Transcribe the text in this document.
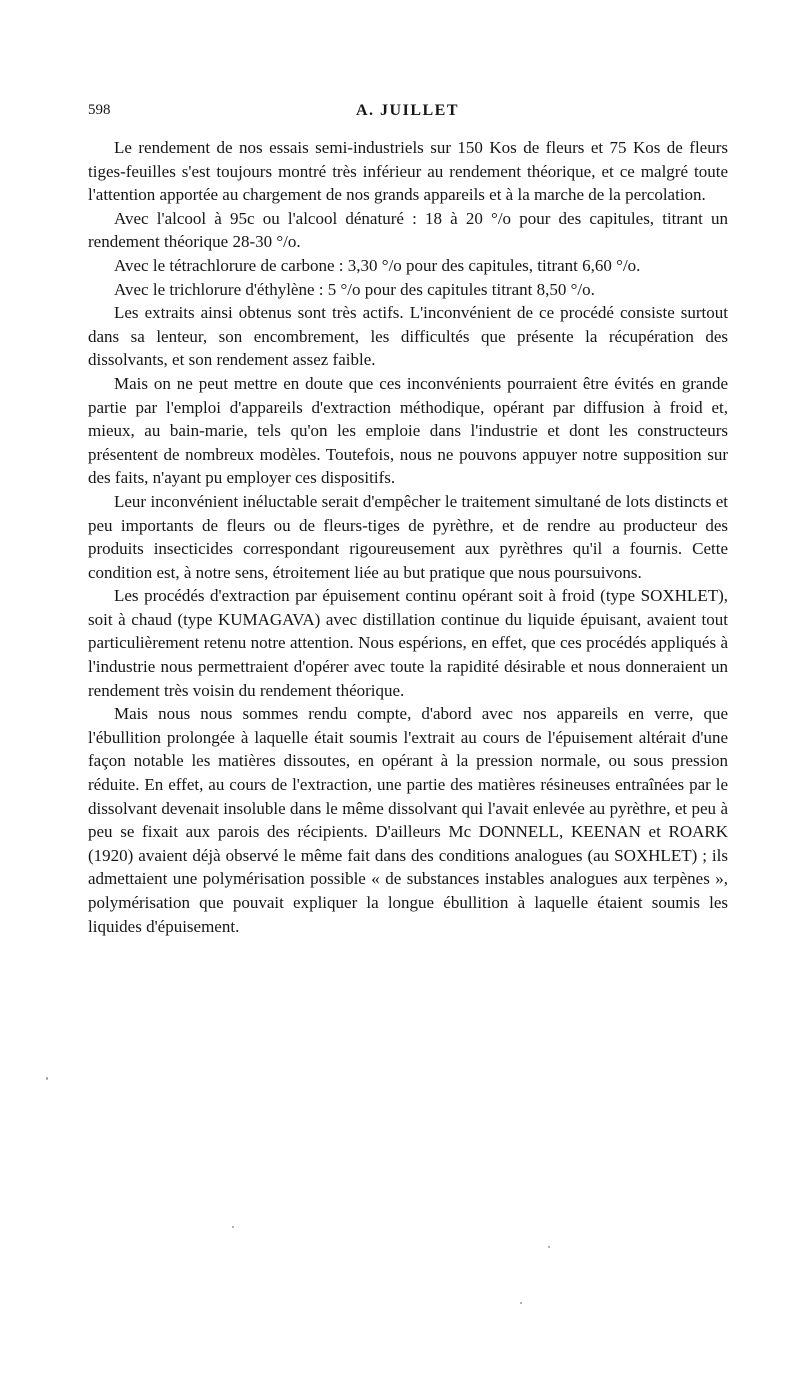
598	A. JUILLET

Le rendement de nos essais semi-industriels sur 150 Kos de fleurs et 75 Kos de fleurs tiges-feuilles s'est toujours montré très inférieur au rendement théorique, et ce malgré toute l'attention apportée au chargement de nos grands appareils et à la marche de la percolation.

Avec l'alcool à 95c ou l'alcool dénaturé : 18 à 20 °/o pour des capitules, titrant un rendement théorique 28-30 °/o.

Avec le tétrachlorure de carbone : 3,30 °/o pour des capitules, titrant 6,60 °/o.

Avec le trichlorure d'éthylène : 5 °/o pour des capitules titrant 8,50 °/o.

Les extraits ainsi obtenus sont très actifs. L'inconvénient de ce procédé consiste surtout dans sa lenteur, son encombrement, les difficultés que présente la récupération des dissolvants, et son rendement assez faible.

Mais on ne peut mettre en doute que ces inconvénients pourraient être évités en grande partie par l'emploi d'appareils d'extraction méthodique, opérant par diffusion à froid et, mieux, au bain-marie, tels qu'on les emploie dans l'industrie et dont les constructeurs présentent de nombreux modèles. Toutefois, nous ne pouvons appuyer notre supposition sur des faits, n'ayant pu employer ces dispositifs.

Leur inconvénient inéluctable serait d'empêcher le traitement simultané de lots distincts et peu importants de fleurs ou de fleurs-tiges de pyrèthre, et de rendre au producteur des produits insecticides correspondant rigoureusement aux pyrèthres qu'il a fournis. Cette condition est, à notre sens, étroitement liée au but pratique que nous poursuivons.

Les procédés d'extraction par épuisement continu opérant soit à froid (type SOXHLET), soit à chaud (type KUMAGAVA) avec distillation continue du liquide épuisant, avaient tout particulièrement retenu notre attention. Nous espérions, en effet, que ces procédés appliqués à l'industrie nous permettraient d'opérer avec toute la rapidité désirable et nous donneraient un rendement très voisin du rendement théorique.

Mais nous nous sommes rendu compte, d'abord avec nos appareils en verre, que l'ébullition prolongée à laquelle était soumis l'extrait au cours de l'épuisement altérait d'une façon notable les matières dissoutes, en opérant à la pression normale, ou sous pression réduite. En effet, au cours de l'extraction, une partie des matières résineuses entraînées par le dissolvant devenait insoluble dans le même dissolvant qui l'avait enlevée au pyrèthre, et peu à peu se fixait aux parois des récipients. D'ailleurs Mc DONNELL, KEENAN et ROARK (1920) avaient déjà observé le même fait dans des conditions analogues (au SOXHLET) ; ils admettaient une polymérisation possible « de substances instables analogues aux terpènes », polymérisation que pouvait expliquer la longue ébullition à laquelle étaient soumis les liquides d'épuisement.
